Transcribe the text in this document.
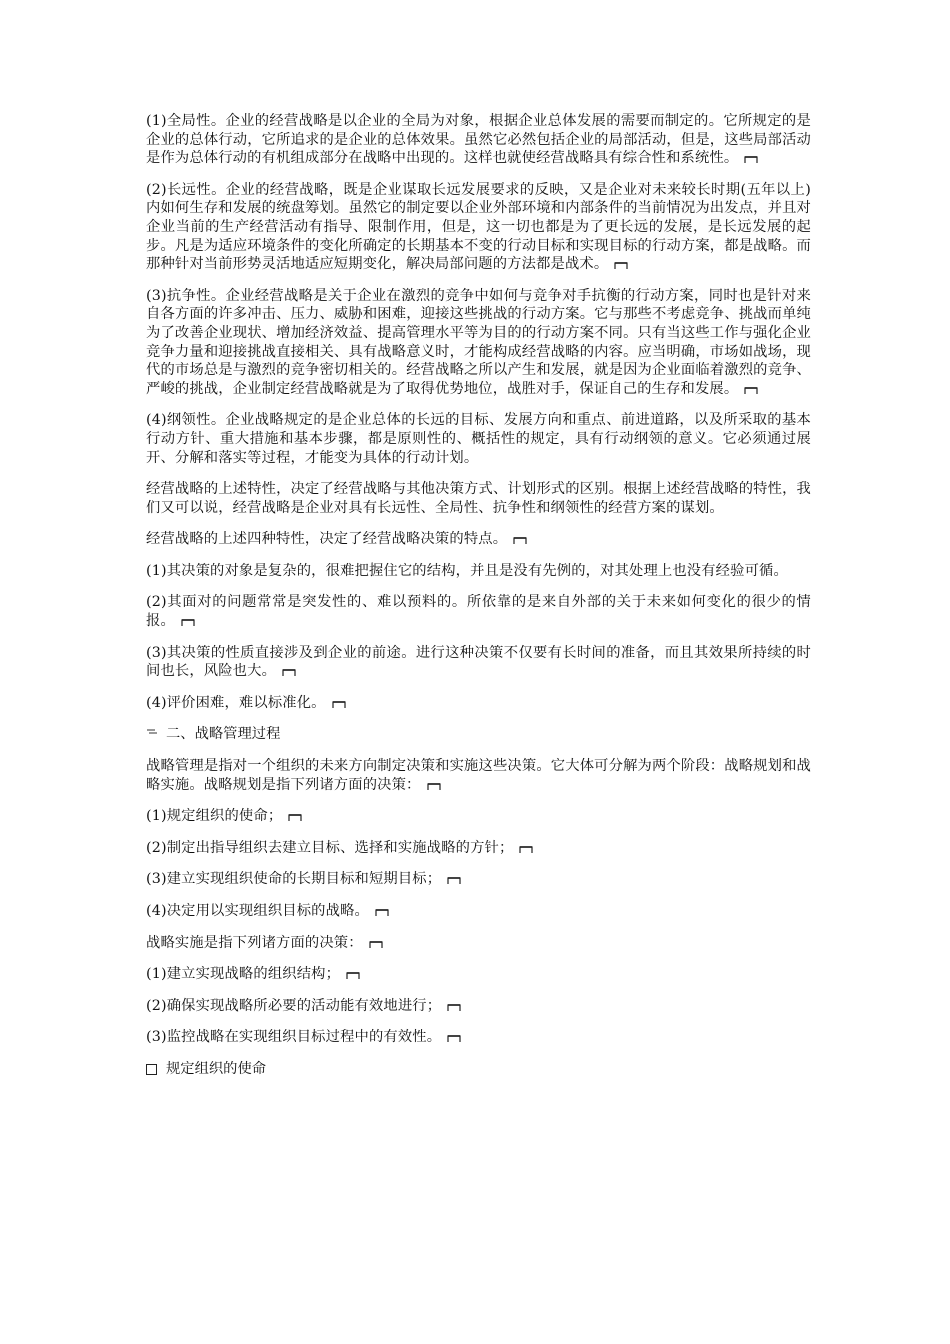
(1)全局性。企业的经营战略是以企业的全局为对象，根据企业总体发展的需要而制定的。它所规定的是企业的总体行动，它所追求的是企业的总体效果。虽然它必然包括企业的局部活动，但是，这些局部活动是作为总体行动的有机组成部分在战略中出现的。这样也就使经营战略具有综合性和系统性。

(2)长远性。企业的经营战略，既是企业谋取长远发展要求的反映，又是企业对未来较长时期(五年以上)内如何生存和发展的统盘筹划。虽然它的制定要以企业外部环境和内部条件的当前情况为出发点，并且对企业当前的生产经营活动有指导、限制作用，但是，这一切也都是为了更长远的发展，是长远发展的起步。凡是为适应环境条件的变化所确定的长期基本不变的行动目标和实现目标的行动方案，都是战略。而那种针对当前形势灵活地适应短期变化，解决局部问题的方法都是战术。

(3)抗争性。企业经营战略是关于企业在激烈的竞争中如何与竞争对手抗衡的行动方案，同时也是针对来自各方面的许多冲击、压力、威胁和困难，迎接这些挑战的行动方案。它与那些不考虑竞争、挑战而单纯为了改善企业现状、增加经济效益、提高管理水平等为目的的行动方案不同。只有当这些工作与强化企业竞争力量和迎接挑战直接相关、具有战略意义时，才能构成经营战略的内容。应当明确，市场如战场，现代的市场总是与激烈的竞争密切相关的。经营战略之所以产生和发展，就是因为企业面临着激烈的竞争、严峻的挑战，企业制定经营战略就是为了取得优势地位，战胜对手，保证自己的生存和发展。

(4)纲领性。企业战略规定的是企业总体的长远的目标、发展方向和重点、前进道路，以及所采取的基本行动方针、重大措施和基本步骤，都是原则性的、概括性的规定，具有行动纲领的意义。它必须通过展开、分解和落实等过程，才能变为具体的行动计划。

经营战略的上述特性，决定了经营战略与其他决策方式、计划形式的区别。根据上述经营战略的特性，我们又可以说，经营战略是企业对具有长远性、全局性、抗争性和纲领性的经营方案的谋划。

经营战略的上述四种特性，决定了经营战略决策的特点。

(1)其决策的对象是复杂的，很难把握住它的结构，并且是没有先例的，对其处理上也没有经验可循。

(2)其面对的问题常常是突发性的、难以预料的。所依靠的是来自外部的关于未来如何变化的很少的情报。

(3)其决策的性质直接涉及到企业的前途。进行这种决策不仅要有长时间的准备，而且其效果所持续的时间也长，风险也大。

(4)评价困难，难以标准化。

二、战略管理过程

战略管理是指对一个组织的未来方向制定决策和实施这些决策。它大体可分解为两个阶段：战略规划和战略实施。战略规划是指下列诸方面的决策：

(1)规定组织的使命；

(2)制定出指导组织去建立目标、选择和实施战略的方针；

(3)建立实现组织使命的长期目标和短期目标；

(4)决定用以实现组织目标的战略。

战略实施是指下列诸方面的决策：

(1)建立实现战略的组织结构；

(2)确保实现战略所必要的活动能有效地进行；

(3)监控战略在实现组织目标过程中的有效性。

规定组织的使命
